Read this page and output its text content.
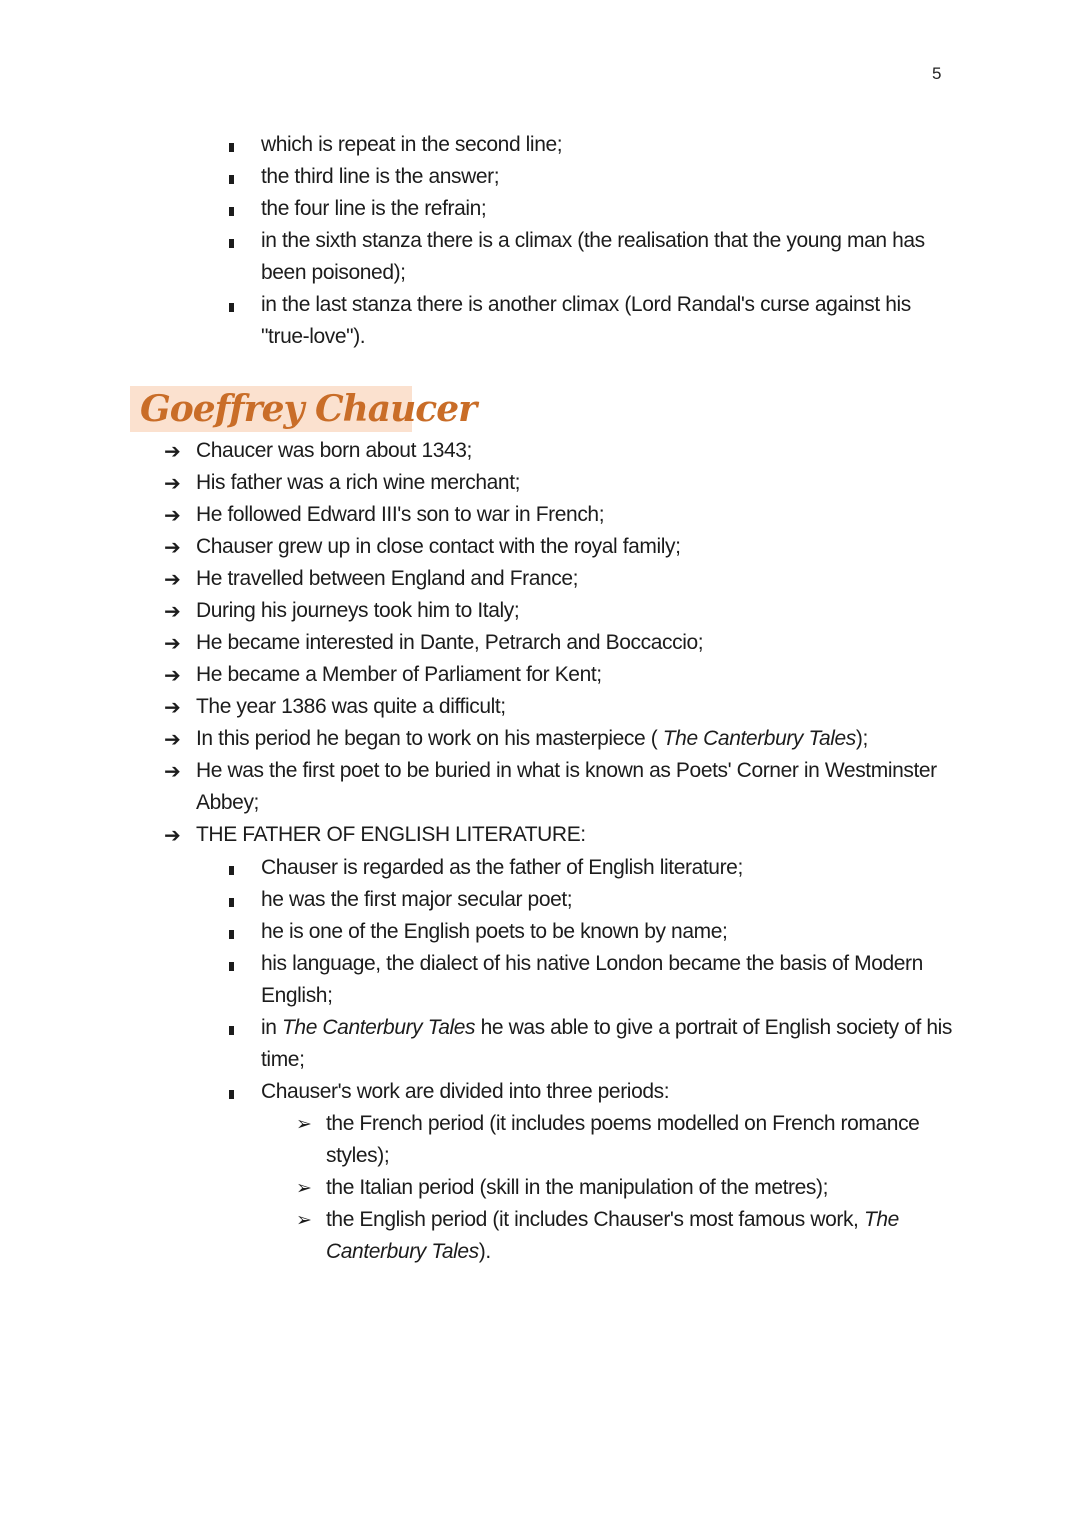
5
which is repeat in the second line;
the third line is the answer;
the four line is the refrain;
in the sixth stanza there is a climax (the realisation that the young man has been poisoned);
in the last stanza there is another climax (Lord Randal's curse against his "true-love").
Goeffrey Chaucer
➔ Chaucer was born about 1343;
➔ His father was a rich wine merchant;
➔ He followed Edward III's son to war in French;
➔ Chauser grew up in close contact with the royal family;
➔ He travelled between England and France;
➔ During his journeys took him to Italy;
➔ He became interested in Dante, Petrarch and Boccaccio;
➔ He became a Member of Parliament for Kent;
➔ The year 1386 was quite a difficult;
➔ In this period he began to work on his masterpiece ( The Canterbury Tales);
➔ He was the first poet to be buried in what is known as Poets' Corner in Westminster Abbey;
➔ THE FATHER OF ENGLISH LITERATURE:
Chauser is regarded as the father of English literature;
he was the first major secular poet;
he is one of the English poets to be known by name;
his language, the dialect of his native London became the basis of Modern English;
in The Canterbury Tales he was able to give a portrait of English society of his time;
Chauser's work are divided into three periods:
➢ the French period (it includes poems modelled on French romance styles);
➢ the Italian period (skill in the manipulation of the metres);
➢ the English period (it includes Chauser's most famous work, The Canterbury Tales).
